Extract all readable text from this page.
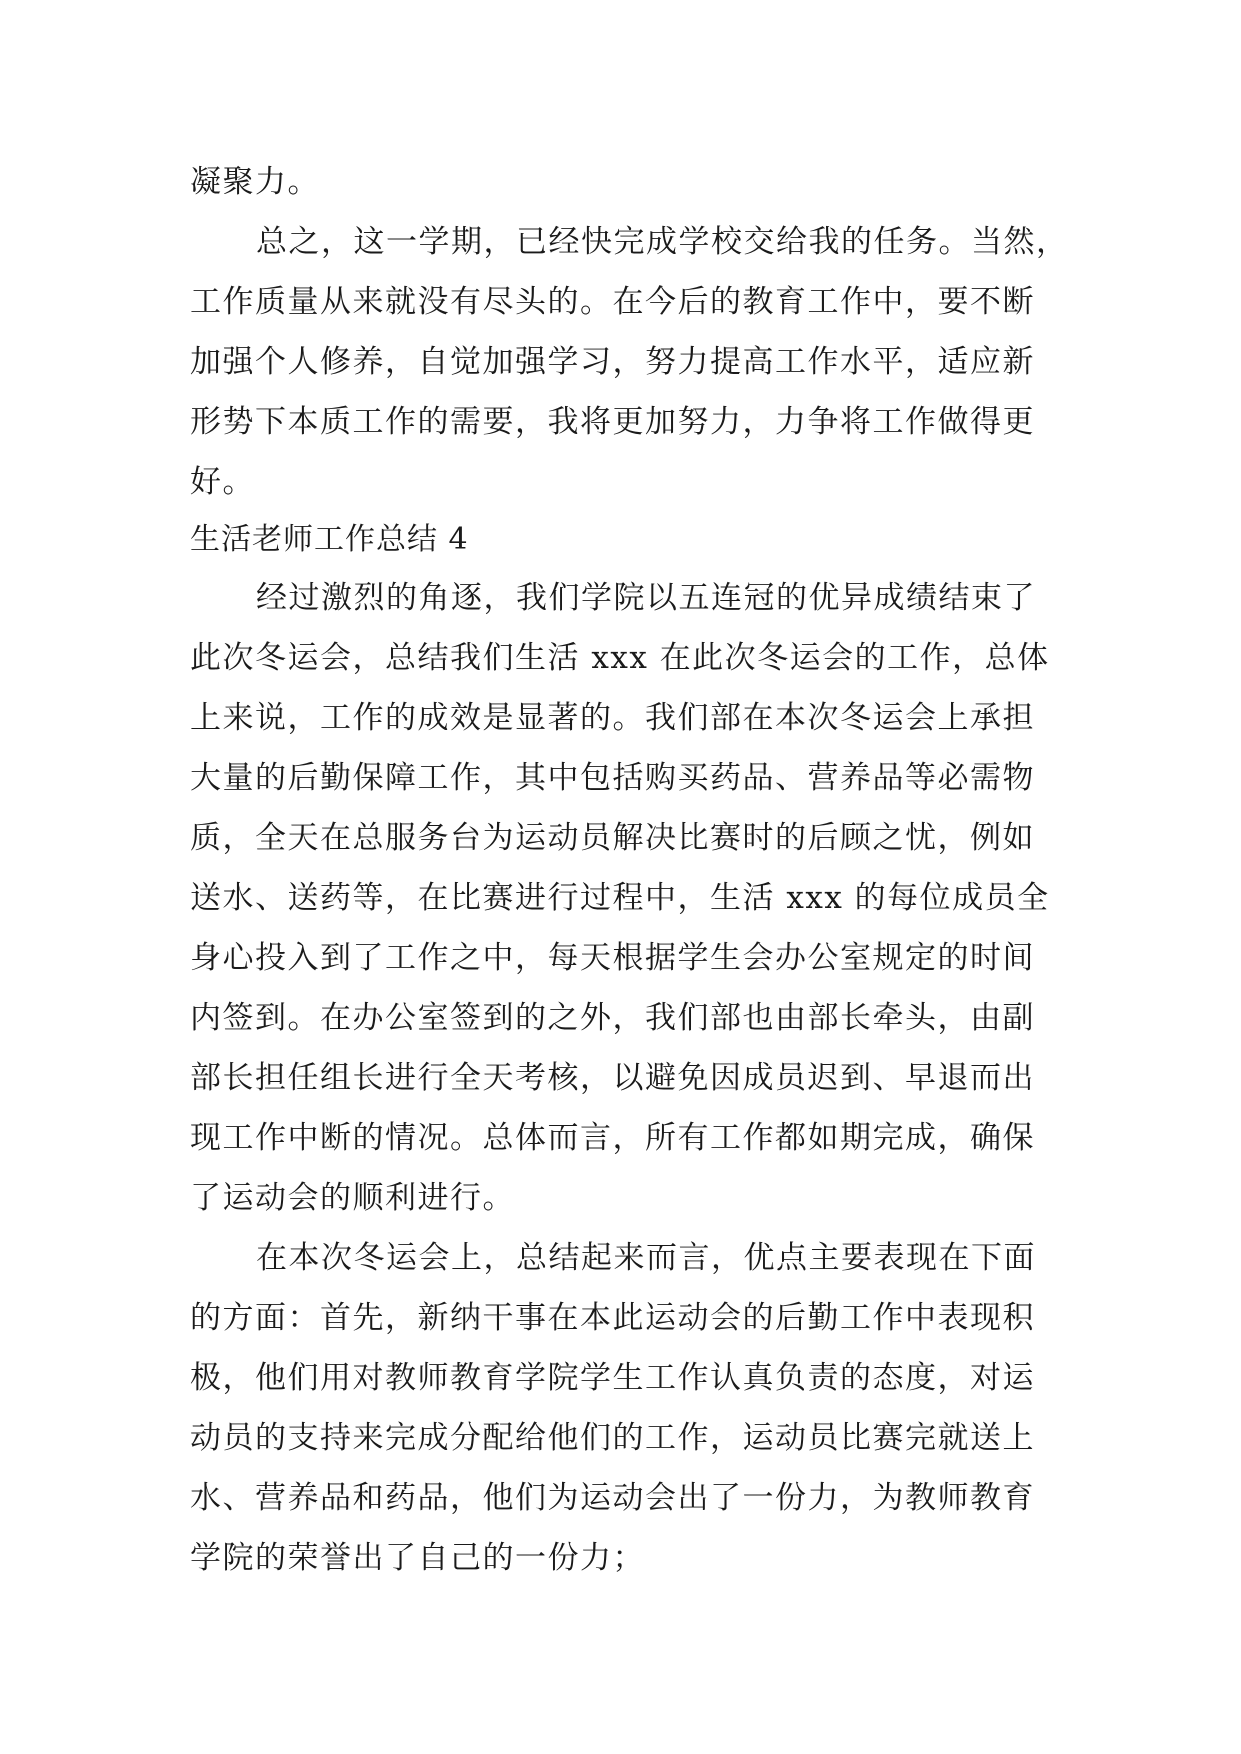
凝聚力。
总之，这一学期，已经快完成学校交给我的任务。当然，
工作质量从来就没有尽头的。在今后的教育工作中，要不断
加强个人修养，自觉加强学习，努力提高工作水平，适应新
形势下本质工作的需要，我将更加努力，力争将工作做得更
好。
生活老师工作总结 4
经过激烈的角逐，我们学院以五连冠的优异成绩结束了
此次冬运会，总结我们生活 xxx 在此次冬运会的工作，总体
上来说，工作的成效是显著的。我们部在本次冬运会上承担
大量的后勤保障工作，其中包括购买药品、营养品等必需物
质，全天在总服务台为运动员解决比赛时的后顾之忧，例如
送水、送药等，在比赛进行过程中，生活 xxx 的每位成员全
身心投入到了工作之中，每天根据学生会办公室规定的时间
内签到。在办公室签到的之外，我们部也由部长牵头，由副
部长担任组长进行全天考核，以避免因成员迟到、早退而出
现工作中断的情况。总体而言，所有工作都如期完成，确保
了运动会的顺利进行。
在本次冬运会上，总结起来而言，优点主要表现在下面
的方面：首先，新纳干事在本此运动会的后勤工作中表现积
极，他们用对教师教育学院学生工作认真负责的态度，对运
动员的支持来完成分配给他们的工作，运动员比赛完就送上
水、营养品和药品，他们为运动会出了一份力，为教师教育
学院的荣誉出了自己的一份力；
